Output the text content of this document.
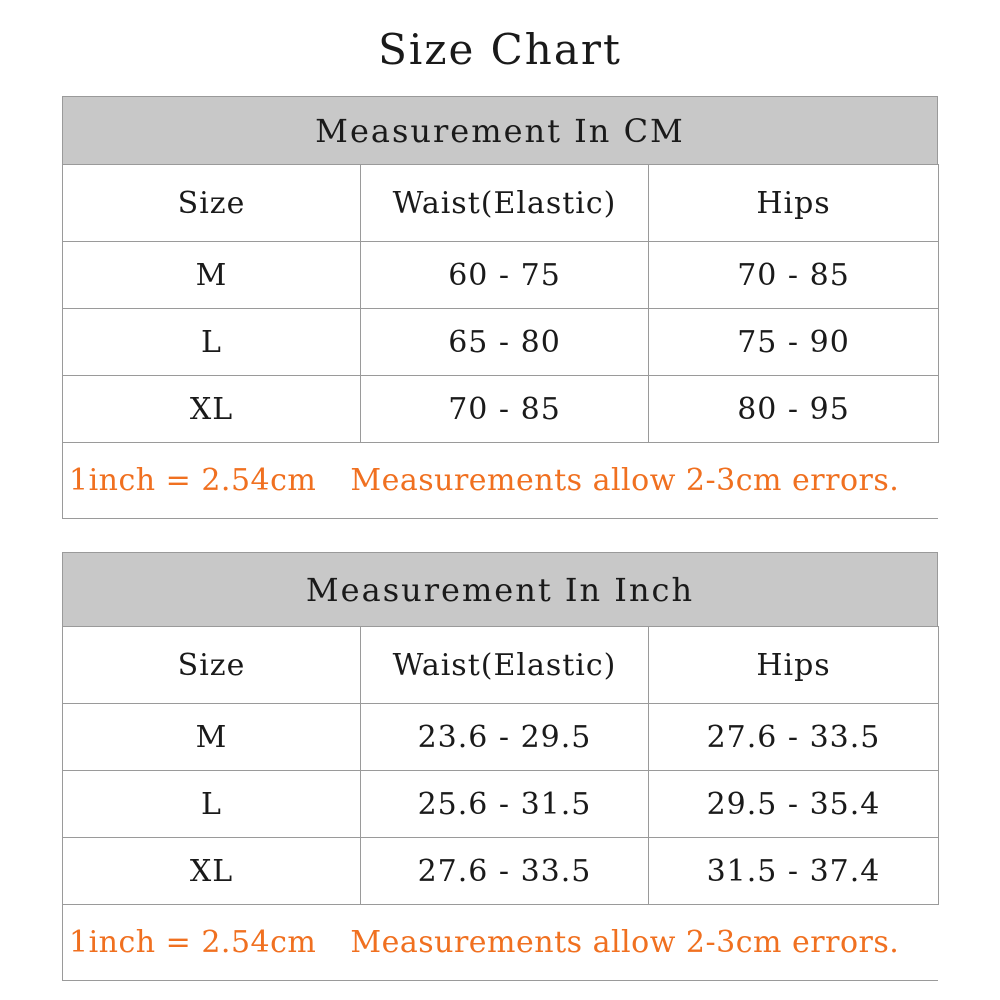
Size Chart
Measurement In CM
Size	Waist(Elastic)	Hips
M	60 - 75	70 - 85
L	65 - 80	75 - 90
XL	70 - 85	80 - 95
1inch = 2.54cm Measurements allow 2-3cm errors.
Measurement In Inch
Size	Waist(Elastic)	Hips
M	23.6 - 29.5	27.6 - 33.5
L	25.6 - 31.5	29.5 - 35.4
XL	27.6 - 33.5	31.5 - 37.4
1inch = 2.54cm Measurements allow 2-3cm errors.
